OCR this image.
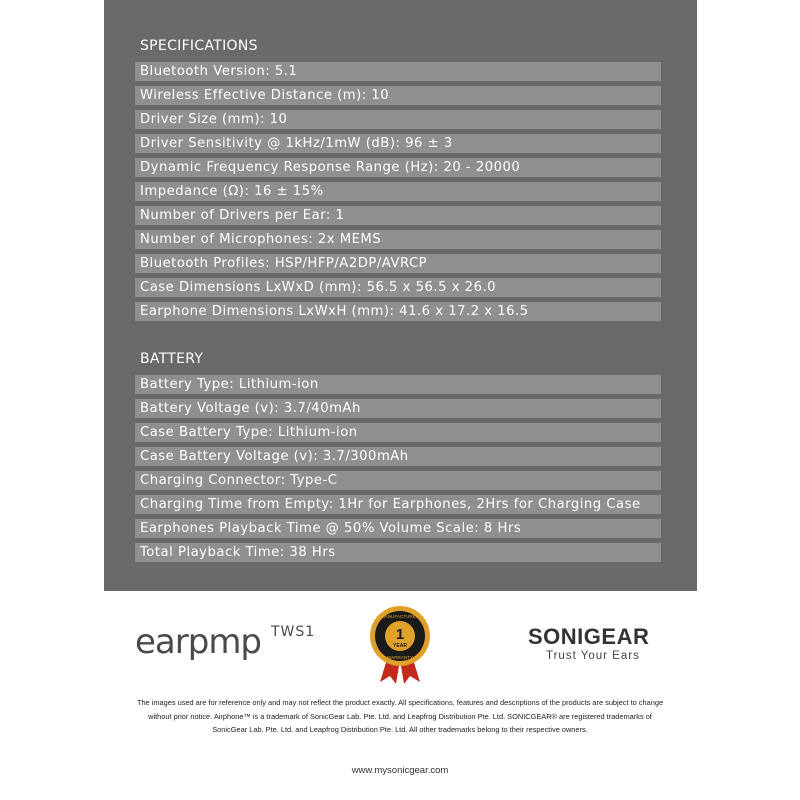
SPECIFICATIONS
Bluetooth Version: 5.1
Wireless Effective Distance (m): 10
Driver Size (mm): 10
Driver Sensitivity @ 1kHz/1mW (dB): 96 ± 3
Dynamic Frequency Response Range (Hz): 20 - 20000
Impedance (Ω): 16 ± 15%
Number of Drivers per Ear: 1
Number of Microphones: 2x MEMS
Bluetooth Profiles: HSP/HFP/A2DP/AVRCP
Case Dimensions LxWxD (mm): 56.5 x 56.5 x 26.0
Earphone Dimensions LxWxH (mm): 41.6 x 17.2 x 16.5
BATTERY
Battery Type: Lithium-ion
Battery Voltage (v): 3.7/40mAh
Case Battery Type: Lithium-ion
Case Battery Voltage (v): 3.7/300mAh
Charging Connector: Type-C
Charging Time from Empty: 1Hr for Earphones, 2Hrs for Charging Case
Earphones Playback Time @ 50% Volume Scale: 8 Hrs
Total Playback Time: 38 Hrs
earpmp TWS1	1
YEAR
MANUFACTURER
WARRANTY
SONIGEAR
Trust Your Ears
The images used are for reference only and may not reflect the product exactly. All specifications, features and descriptions of the products are subject to change without prior notice. Airphone™ is a trademark of SonicGear Lab. Pte. Ltd. and Leapfrog Distribution Pte. Ltd. SONICGEAR® are registered trademarks of SonicGear Lab. Pte. Ltd. and Leapfrog Distribution Pte. Ltd. All other trademarks belong to their respective owners.
www.mysonicgear.com
